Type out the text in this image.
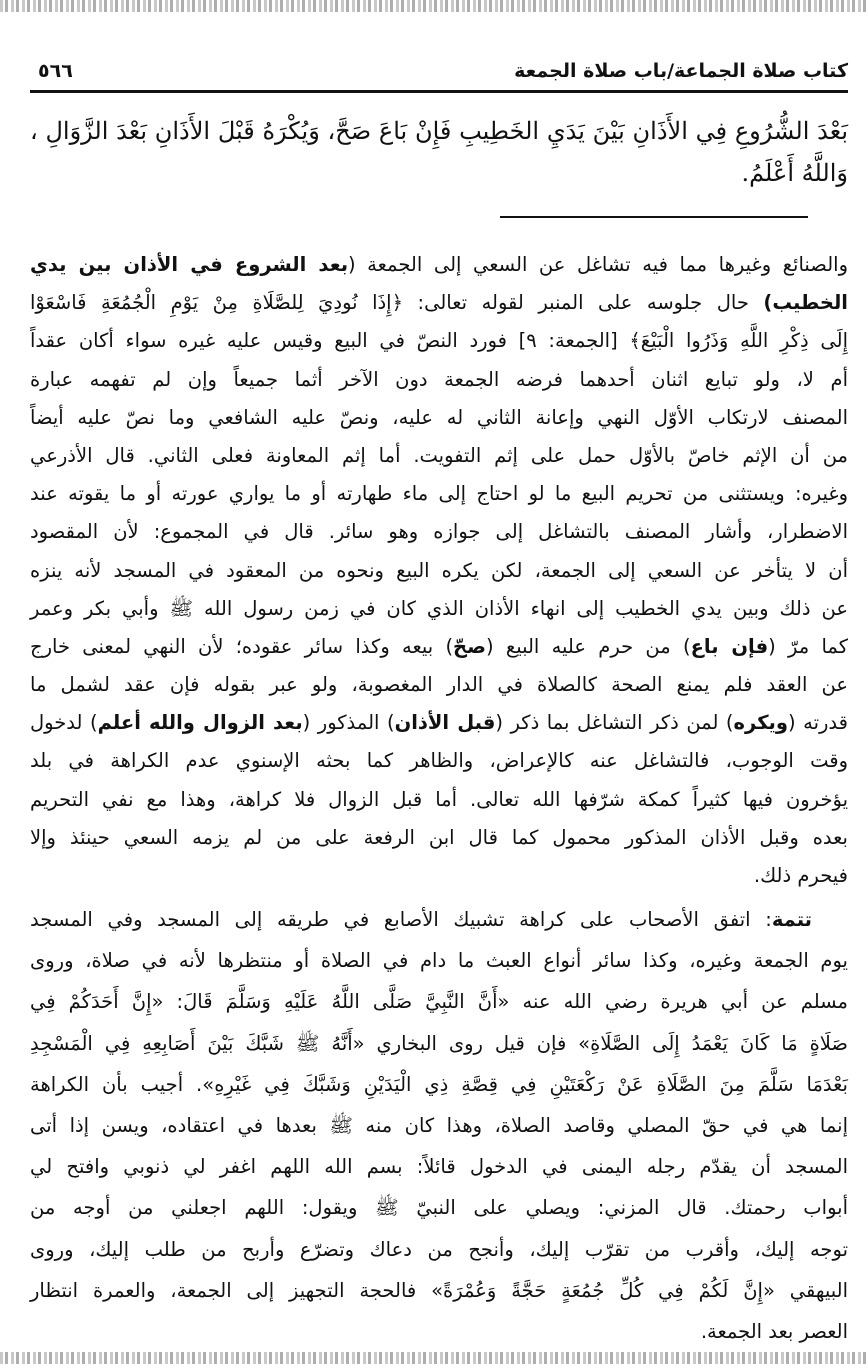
كتاب صلاة الجماعة/باب صلاة الجمعة
٥٦٦
بَعْدَ الشُّرُوعِ فِي الأَذَانِ بَيْنَ يَدَيِ الخَطِيبِ فَإِنْ بَاعَ صَحَّ، وَيُكْرَهُ قَبْلَ الأَذَانِ بَعْدَ الزَّوَالِ ،
وَاللَّهُ أَعْلَمُ.
والصنائع وغيرها مما فيه تشاغل عن السعي إلى الجمعة (بعد الشروع في الأذان بين يدي
الخطيب) حال جلوسه على المنبر لقوله تعالى: ﴿إِذَا نُودِيَ لِلصَّلَاةِ مِنْ يَوْمِ الْجُمُعَةِ فَاسْعَوْا
إِلَى ذِكْرِ اللَّهِ وَذَرُوا الْبَيْعَ﴾ [الجمعة: ٩] فورد النصّ في البيع وقيس عليه غيره سواء أكان عقداً
أم لا، ولو تبايع اثنان أحدهما فرضه الجمعة دون الآخر أثما جميعاً وإن لم تفهمه عبارة
المصنف لارتكاب الأوّل النهي وإعانة الثاني له عليه، ونصّ عليه الشافعي وما نصّ عليه أيضاً
من أن الإثم خاصّ بالأوّل حمل على إثم التفويت. أما إثم المعاونة فعلى الثاني. قال الأذرعي
وغيره: ويستثنى من تحريم البيع ما لو احتاج إلى ماء طهارته أو ما يواري عورته أو ما يقوته عند
الاضطرار، وأشار المصنف بالتشاغل إلى جوازه وهو سائر. قال في المجموع: لأن المقصود
أن لا يتأخر عن السعي إلى الجمعة، لكن يكره البيع ونحوه من المعقود في المسجد لأنه ينزه
عن ذلك وبين يدي الخطيب إلى انهاء الأذان الذي كان في زمن رسول الله ﷺ وأبي بكر وعمر
كما مرّ (فإن باع) من حرم عليه البيع (صحّ) بيعه وكذا سائر عقوده؛ لأن النهي لمعنى خارج
عن العقد فلم يمنع الصحة كالصلاة في الدار المغصوبة، ولو عبر بقوله فإن عقد لشمل ما
قدرته (ويكره) لمن ذكر التشاغل بما ذكر (قبل الأذان) المذكور (بعد الزوال والله أعلم) لدخول
وقت الوجوب، فالتشاغل عنه كالإعراض، والظاهر كما بحثه الإسنوي عدم الكراهة في بلد
يؤخرون فيها كثيراً كمكة شرّفها الله تعالى. أما قبل الزوال فلا كراهة، وهذا مع نفي التحريم
بعده وقبل الأذان المذكور محمول كما قال ابن الرفعة على من لم يزمه السعي حينئذ وإلا
فيحرم ذلك.
تتمة: اتفق الأصحاب على كراهة تشبيك الأصابع في طريقه إلى المسجد وفي المسجد
يوم الجمعة وغيره، وكذا سائر أنواع العبث ما دام في الصلاة أو منتظرها لأنه في صلاة، وروى
مسلم عن أبي هريرة رضي الله عنه «أَنَّ النَّبِيَّ صَلَّى اللَّهُ عَلَيْهِ وَسَلَّمَ قَالَ: «إِنَّ أَحَدَكُمْ فِي
صَلَاةٍ مَا كَانَ يَعْمَدُ إِلَى الصَّلَاةِ» فإن قيل روى البخاري «أَنَّهُ ﷺ شَبَّكَ بَيْنَ أَصَابِعِهِ فِي الْمَسْجِدِ
بَعْدَمَا سَلَّمَ مِنَ الصَّلَاةِ عَنْ رَكْعَتَيْنِ فِي قِصَّةِ ذِي الْيَدَيْنِ وَشَبَّكَ فِي غَيْرِهِ». أجيب بأن الكراهة
إنما هي في حقّ المصلي وقاصد الصلاة، وهذا كان منه ﷺ بعدها في اعتقاده، ويسن إذا أتى
المسجد أن يقدّم رجله اليمنى في الدخول قائلاً: بسم الله اللهم اغفر لي ذنوبي وافتح لي
أبواب رحمتك. قال المزني: ويصلي على النبيّ ﷺ ويقول: اللهم اجعلني من أوجه من
توجه إليك، وأقرب من تقرّب إليك، وأنجح من دعاك وتضرّع وأربح من طلب إليك، وروى
البيهقي «إِنَّ لَكُمْ فِي كُلِّ جُمُعَةٍ حَجَّةً وَعُمْرَةً» فالحجة التجهيز إلى الجمعة، والعمرة انتظار
العصر بعد الجمعة.
